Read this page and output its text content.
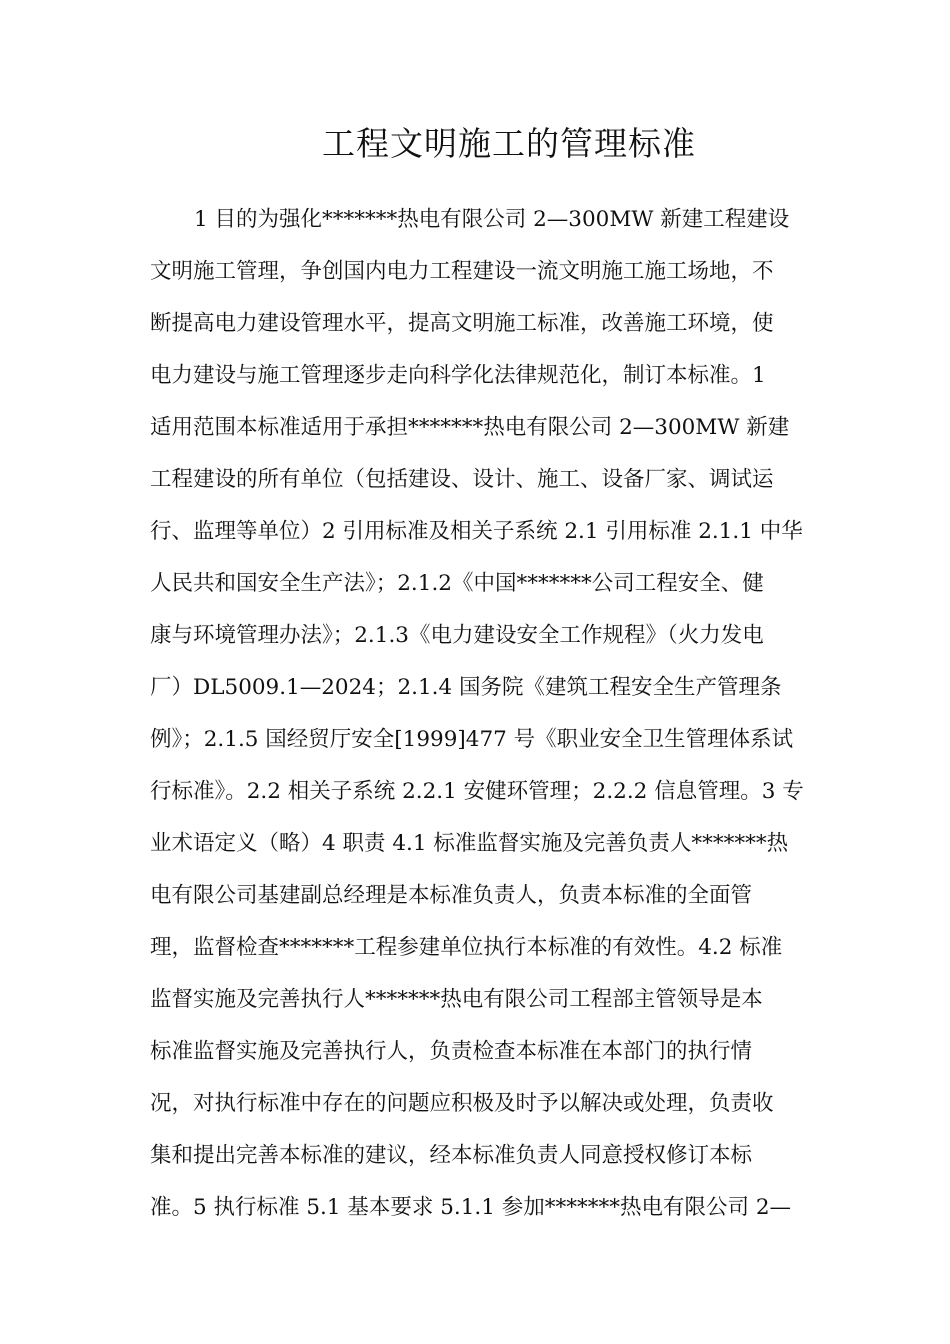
工程文明施工的管理标准
1 目的为强化*******热电有限公司 2—300MW 新建工程建设
文明施工管理，争创国内电力工程建设一流文明施工施工场地，不
断提高电力建设管理水平，提高文明施工标准，改善施工环境，使
电力建设与施工管理逐步走向科学化法律规范化，制订本标准。1
适用范围本标准适用于承担*******热电有限公司 2—300MW 新建
工程建设的所有单位（包括建设、设计、施工、设备厂家、调试运
行、监理等单位）2 引用标准及相关子系统 2.1 引用标准 2.1.1 中华
人民共和国安全生产法》；2.1.2《中国*******公司工程安全、健
康与环境管理办法》；2.1.3《电力建设安全工作规程》（火力发电
厂）DL5009.1—2024；2.1.4 国务院《建筑工程安全生产管理条
例》；2.1.5 国经贸厅安全[1999]477 号《职业安全卫生管理体系试
行标准》。2.2 相关子系统 2.2.1 安健环管理；2.2.2 信息管理。3 专
业术语定义（略）4 职责 4.1 标准监督实施及完善负责人*******热
电有限公司基建副总经理是本标准负责人，负责本标准的全面管
理，监督检查*******工程参建单位执行本标准的有效性。4.2 标准
监督实施及完善执行人*******热电有限公司工程部主管领导是本
标准监督实施及完善执行人，负责检查本标准在本部门的执行情
况，对执行标准中存在的问题应积极及时予以解决或处理，负责收
集和提出完善本标准的建议，经本标准负责人同意授权修订本标
准。5 执行标准 5.1 基本要求 5.1.1 参加*******热电有限公司 2—
